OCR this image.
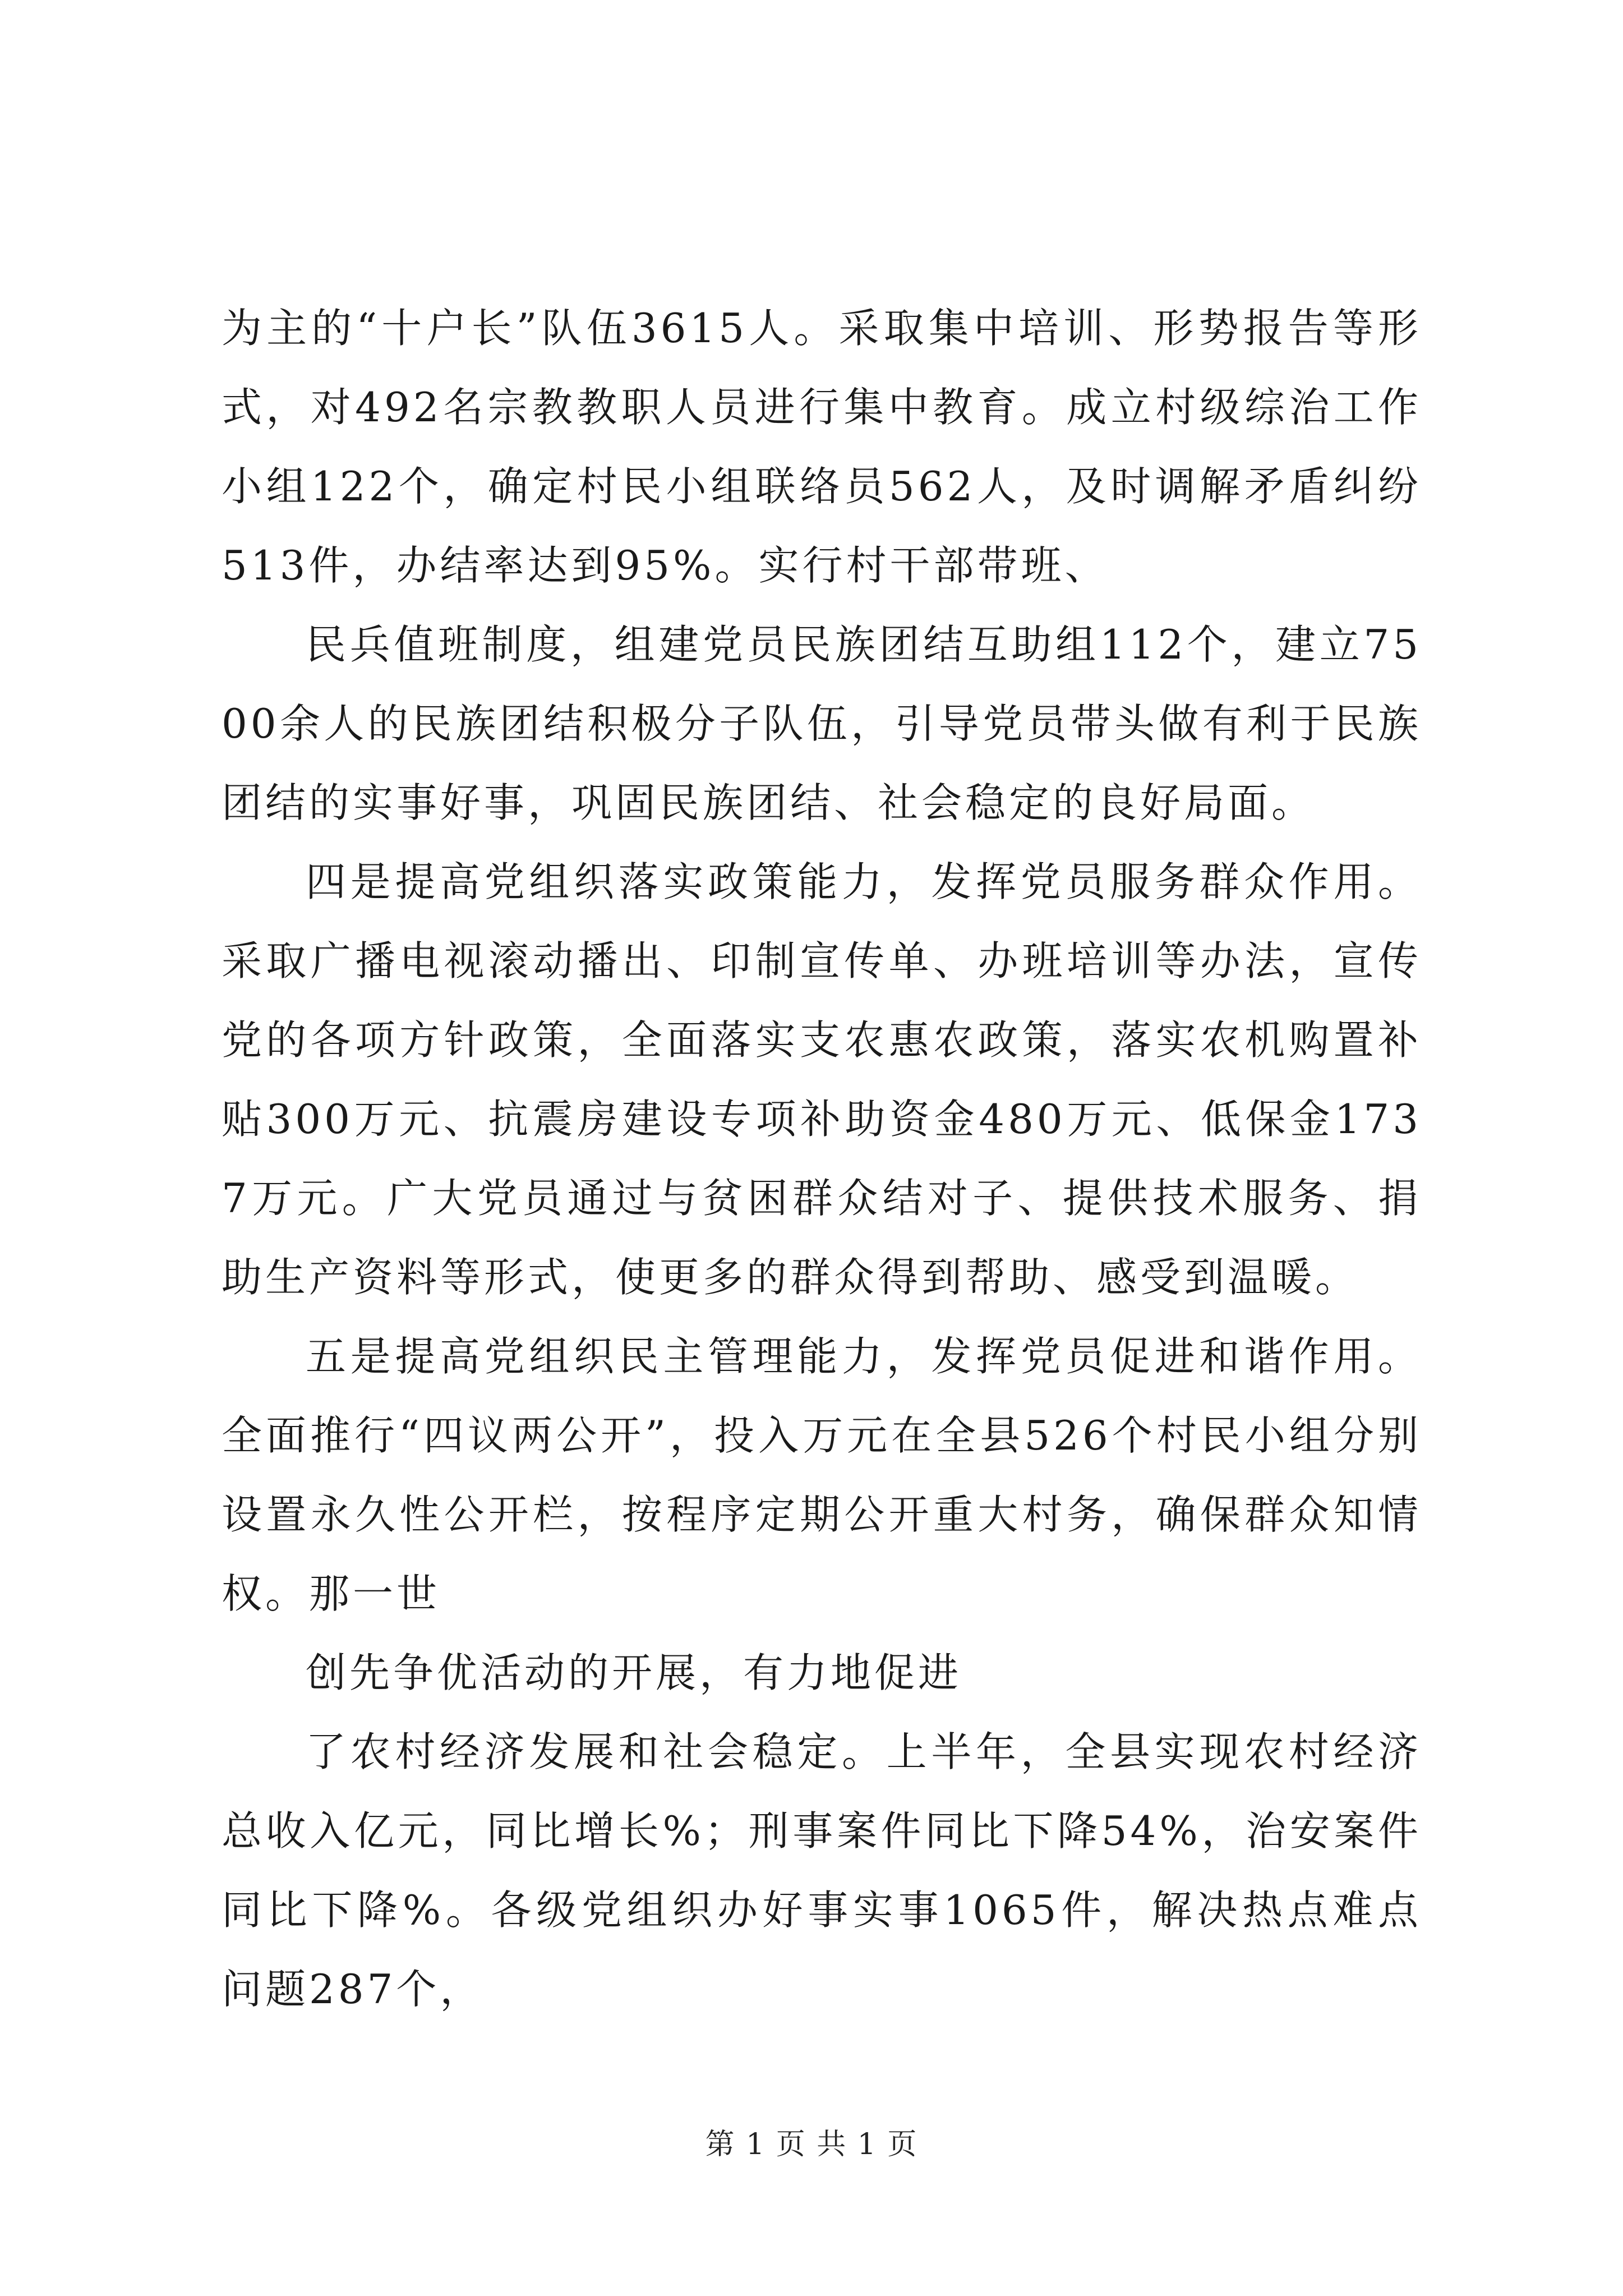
为主的“十户长”队伍3615人。采取集中培训、形势报告等形式，对492名宗教教职人员进行集中教育。成立村级综治工作小组122个，确定村民小组联络员562人，及时调解矛盾纠纷513件，办结率达到95%。实行村干部带班、

民兵值班制度，组建党员民族团结互助组112个，建立7500余人的民族团结积极分子队伍，引导党员带头做有利于民族团结的实事好事，巩固民族团结、社会稳定的良好局面。

四是提高党组织落实政策能力，发挥党员服务群众作用。采取广播电视滚动播出、印制宣传单、办班培训等办法，宣传党的各项方针政策，全面落实支农惠农政策，落实农机购置补贴300万元、抗震房建设专项补助资金480万元、低保金1737万元。广大党员通过与贫困群众结对子、提供技术服务、捐助生产资料等形式，使更多的群众得到帮助、感受到温暖。

五是提高党组织民主管理能力，发挥党员促进和谐作用。全面推行“四议两公开”，投入万元在全县526个村民小组分别设置永久性公开栏，按程序定期公开重大村务，确保群众知情权。那一世

创先争优活动的开展，有力地促进

了农村经济发展和社会稳定。上半年，全县实现农村经济总收入亿元，同比增长%；刑事案件同比下降54%，治安案件同比下降%。各级党组织办好事实事1065件，解决热点难点问题287个，

第 1 页 共 1 页
